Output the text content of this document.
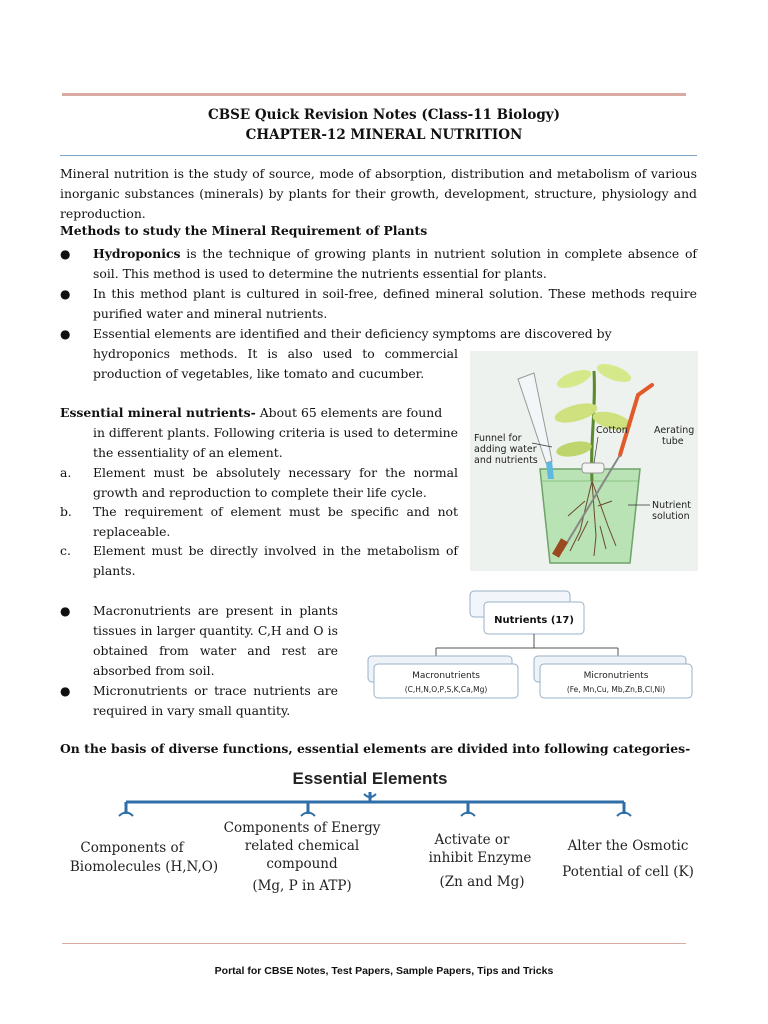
CBSE Quick Revision Notes (Class-11 Biology)
CHAPTER-12 MINERAL NUTRITION

Mineral nutrition is the study of source, mode of absorption, distribution and metabolism of various inorganic substances (minerals) by plants for their growth, development, structure, physiology and reproduction.

Methods to study the Mineral Requirement of Plants
●	Hydroponics is the technique of growing plants in nutrient solution in complete absence of soil. This method is used to determine the nutrients essential for plants.
●	In this method plant is cultured in soil-free, defined mineral solution. These methods require purified water and mineral nutrients.
●	Essential elements are identified and their deficiency symptoms are discovered by
hydroponics methods. It is also used to commercial production of vegetables, like tomato and cucumber.
Funnel for
adding water
and nutrients
Cotton	Aerating
tube
Nutrient
solution
Essential mineral nutrients- About 65 elements are found
in different plants. Following criteria is used to determine the essentiality of an element.
a.	Element must be absolutely necessary for the normal growth and reproduction to complete their life cycle.
b.	The requirement of element must be specific and not replaceable.
c.	Element must be directly involved in the metabolism of plants.
●	Macronutrients are present in plants tissues in larger quantity. C,H and O is obtained from water and rest are absorbed from soil.
●	Micronutrients or trace nutrients are required in vary small quantity.
Nutrients (17)
Macronutrients
(C,H,N,O,P,S,K,Ca,Mg)
Micronutrients
(Fe, Mn,Cu, Mb,Zn,B,Cl,Ni)
On the basis of diverse functions, essential elements are divided into following categories-
Essential Elements
Components of
Biomolecules (H,N,O)
Components of Energy
related chemical
compound
(Mg, P in ATP)
Activate or
inhibit Enzyme
(Zn and Mg)
Alter the Osmotic
Potential of cell (K)
Portal for CBSE Notes, Test Papers, Sample Papers, Tips and Tricks
